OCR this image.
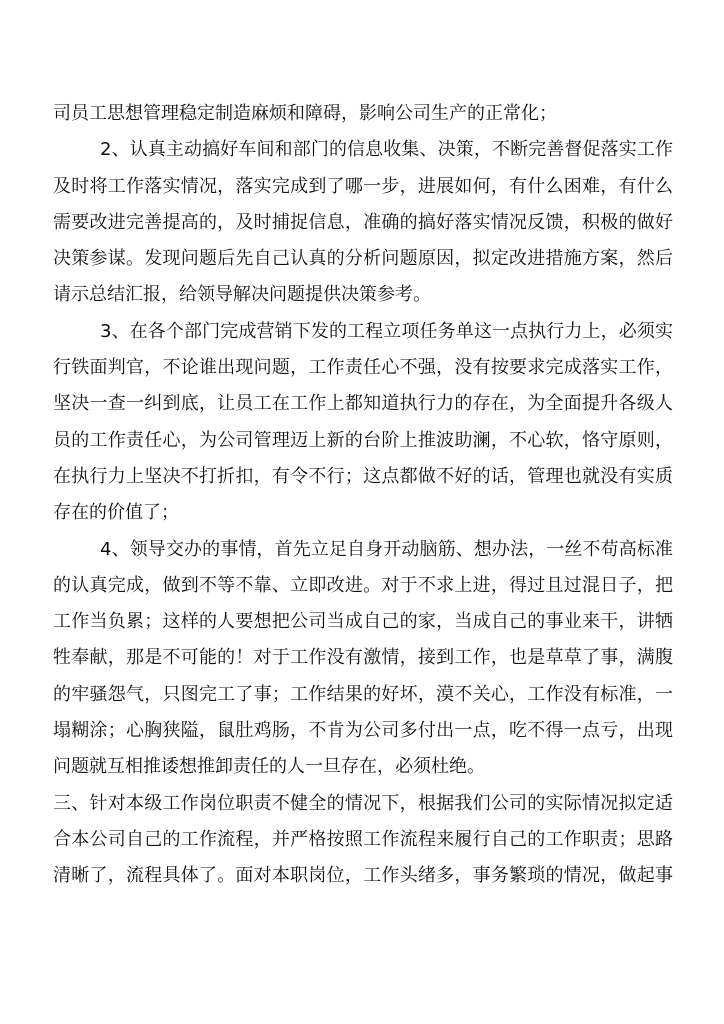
司员工思想管理稳定制造麻烦和障碍，影响公司生产的正常化；
2、认真主动搞好车间和部门的信息收集、决策，不断完善督促落实工作
及时将工作落实情况，落实完成到了哪一步，进展如何，有什么困难，有什么
需要改进完善提高的，及时捕捉信息，准确的搞好落实情况反馈，积极的做好
决策参谋。发现问题后先自己认真的分析问题原因，拟定改进措施方案，然后
请示总结汇报，给领导解决问题提供决策参考。
3、在各个部门完成营销下发的工程立项任务单这一点执行力上，必须实
行铁面判官，不论谁出现问题，工作责任心不强，没有按要求完成落实工作，
坚决一查一纠到底，让员工在工作上都知道执行力的存在，为全面提升各级人
员的工作责任心，为公司管理迈上新的台阶上推波助澜，不心软，恪守原则，
在执行力上坚决不打折扣，有令不行；这点都做不好的话，管理也就没有实质
存在的价值了；
4、领导交办的事情，首先立足自身开动脑筋、想办法，一丝不苟高标准
的认真完成，做到不等不靠、立即改进。对于不求上进，得过且过混日子，把
工作当负累；这样的人要想把公司当成自己的家，当成自己的事业来干，讲牺
牲奉献，那是不可能的！对于工作没有激情，接到工作，也是草草了事，满腹
的牢骚怨气，只图完工了事；工作结果的好坏，漠不关心，工作没有标准，一
塌糊涂；心胸狭隘，鼠肚鸡肠，不肯为公司多付出一点，吃不得一点亏，出现
问题就互相推诿想推卸责任的人一旦存在，必须杜绝。
三、针对本级工作岗位职责不健全的情况下，根据我们公司的实际情况拟定适
合本公司自己的工作流程，并严格按照工作流程来履行自己的工作职责；思路
清晰了，流程具体了。面对本职岗位，工作头绪多，事务繁琐的情况，做起事
